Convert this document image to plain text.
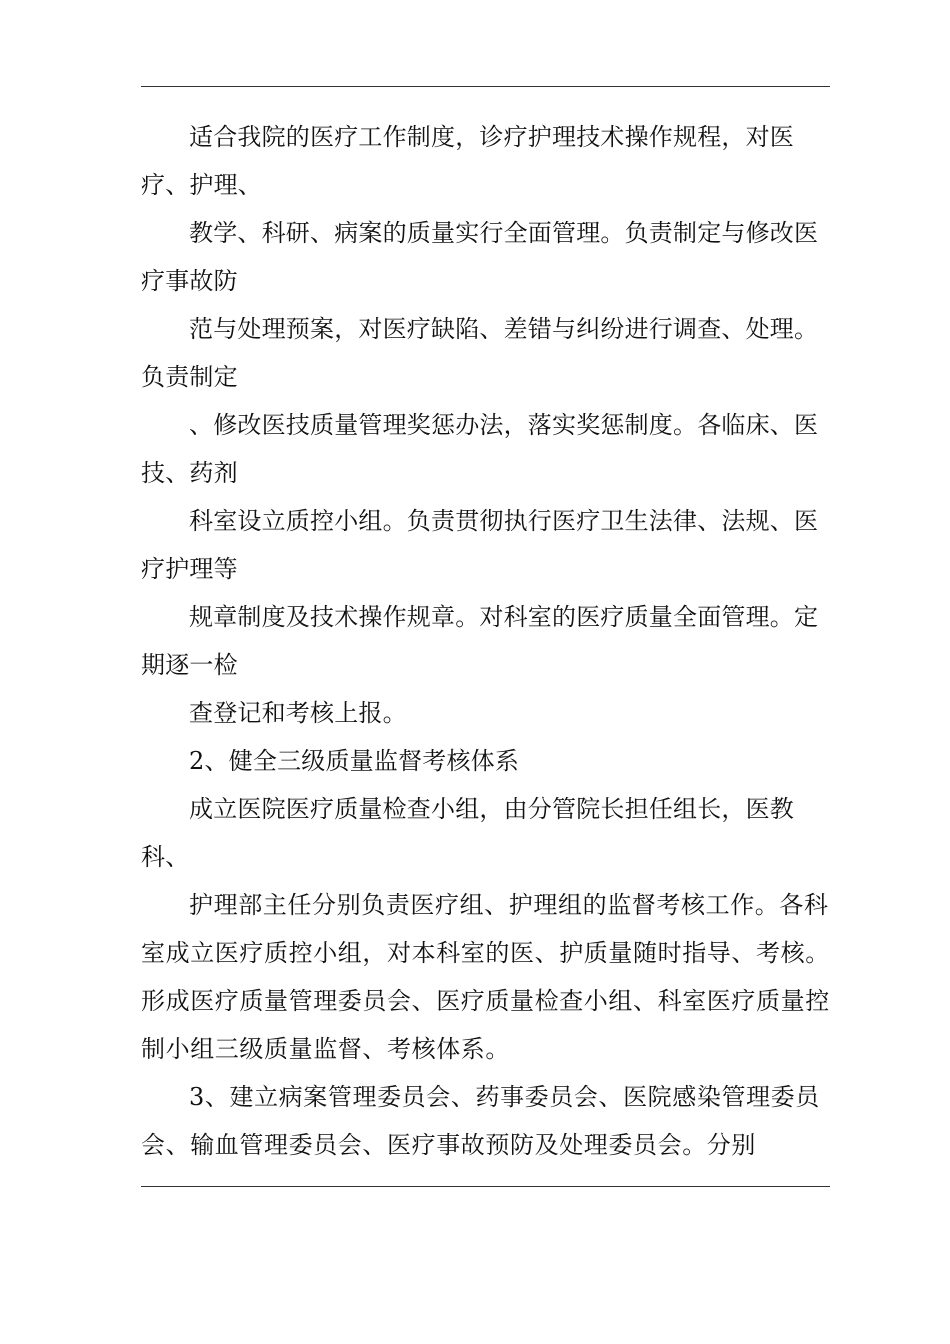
适合我院的医疗工作制度，诊疗护理技术操作规程，对医疗、护理、

教学、科研、病案的质量实行全面管理。负责制定与修改医疗事故防

范与处理预案，对医疗缺陷、差错与纠纷进行调查、处理。负责制定

、修改医技质量管理奖惩办法，落实奖惩制度。各临床、医技、药剂

科室设立质控小组。负责贯彻执行医疗卫生法律、法规、医疗护理等

规章制度及技术操作规章。对科室的医疗质量全面管理。定期逐一检

查登记和考核上报。

2、健全三级质量监督考核体系

成立医院医疗质量检查小组，由分管院长担任组长，医教科、

护理部主任分别负责医疗组、护理组的监督考核工作。各科室成立医疗质控小组，对本科室的医、护质量随时指导、考核。形成医疗质量管理委员会、医疗质量检查小组、科室医疗质量控制小组三级质量监督、考核体系。

3、建立病案管理委员会、药事委员会、医院感染管理委员会、输血管理委员会、医疗事故预防及处理委员会。分别
